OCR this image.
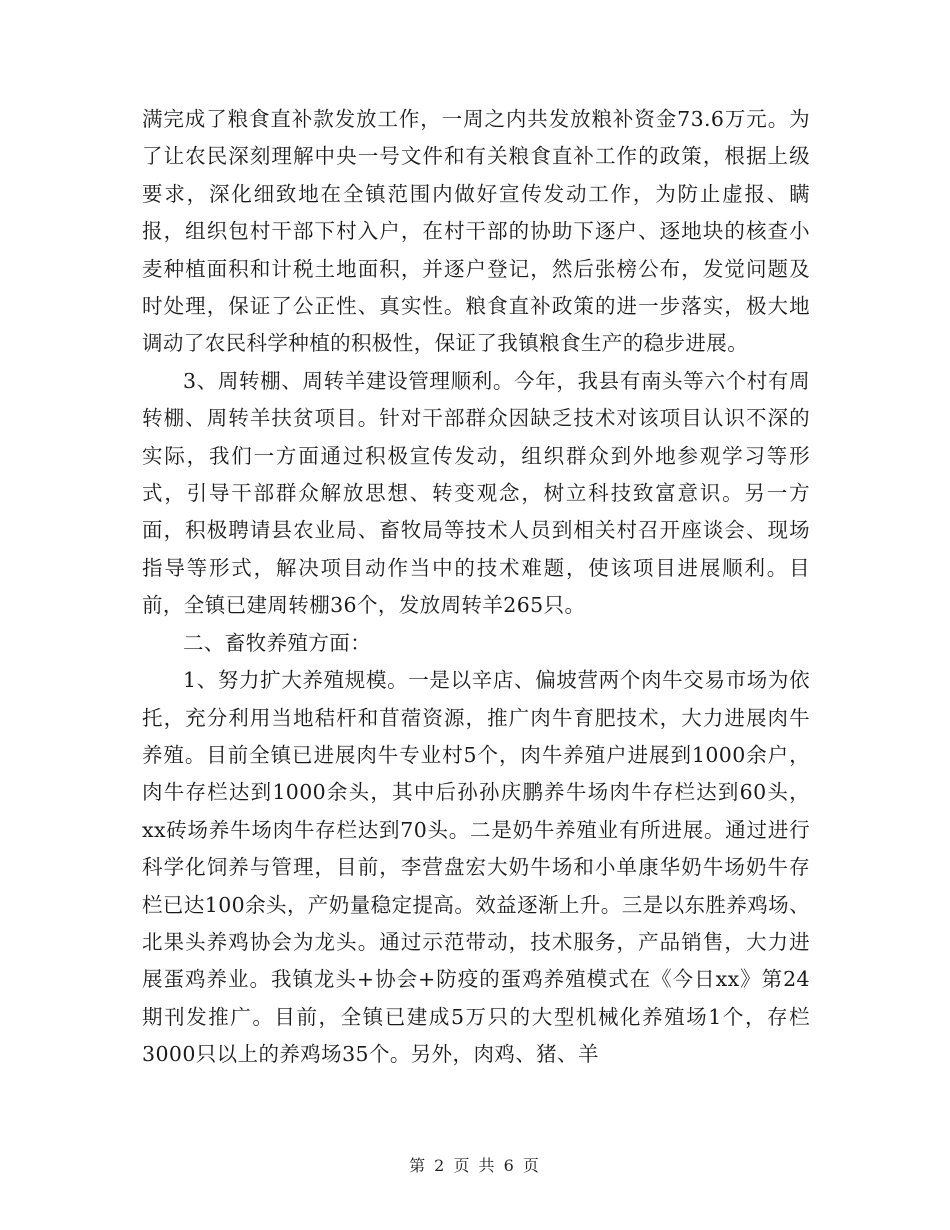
满完成了粮食直补款发放工作，一周之内共发放粮补资金73.6万元。为了让农民深刻理解中央一号文件和有关粮食直补工作的政策，根据上级要求，深化细致地在全镇范围内做好宣传发动工作，为防止虚报、瞒报，组织包村干部下村入户，在村干部的协助下逐户、逐地块的核查小麦种植面积和计税土地面积，并逐户登记，然后张榜公布，发觉问题及时处理，保证了公正性、真实性。粮食直补政策的进一步落实，极大地调动了农民科学种植的积极性，保证了我镇粮食生产的稳步进展。

3、周转棚、周转羊建设管理顺利。今年，我县有南头等六个村有周转棚、周转羊扶贫项目。针对干部群众因缺乏技术对该项目认识不深的实际，我们一方面通过积极宣传发动，组织群众到外地参观学习等形式，引导干部群众解放思想、转变观念，树立科技致富意识。另一方面，积极聘请县农业局、畜牧局等技术人员到相关村召开座谈会、现场指导等形式，解决项目动作当中的技术难题，使该项目进展顺利。目前，全镇已建周转棚36个，发放周转羊265只。

二、畜牧养殖方面：

1、努力扩大养殖规模。一是以辛店、偏坡营两个肉牛交易市场为依托，充分利用当地秸杆和苜蓿资源，推广肉牛育肥技术，大力进展肉牛养殖。目前全镇已进展肉牛专业村5个，肉牛养殖户进展到1000余户，肉牛存栏达到1000余头，其中后孙孙庆鹏养牛场肉牛存栏达到60头，xx砖场养牛场肉牛存栏达到70头。二是奶牛养殖业有所进展。通过进行科学化饲养与管理，目前，李营盘宏大奶牛场和小单康华奶牛场奶牛存栏已达100余头，产奶量稳定提高。效益逐渐上升。三是以东胜养鸡场、北果头养鸡协会为龙头。通过示范带动，技术服务，产品销售，大力进展蛋鸡养业。我镇龙头+协会+防疫的蛋鸡养殖模式在《今日xx》第24期刊发推广。目前，全镇已建成5万只的大型机械化养殖场1个，存栏3000只以上的养鸡场35个。另外，肉鸡、猪、羊

第 2 页 共 6 页
